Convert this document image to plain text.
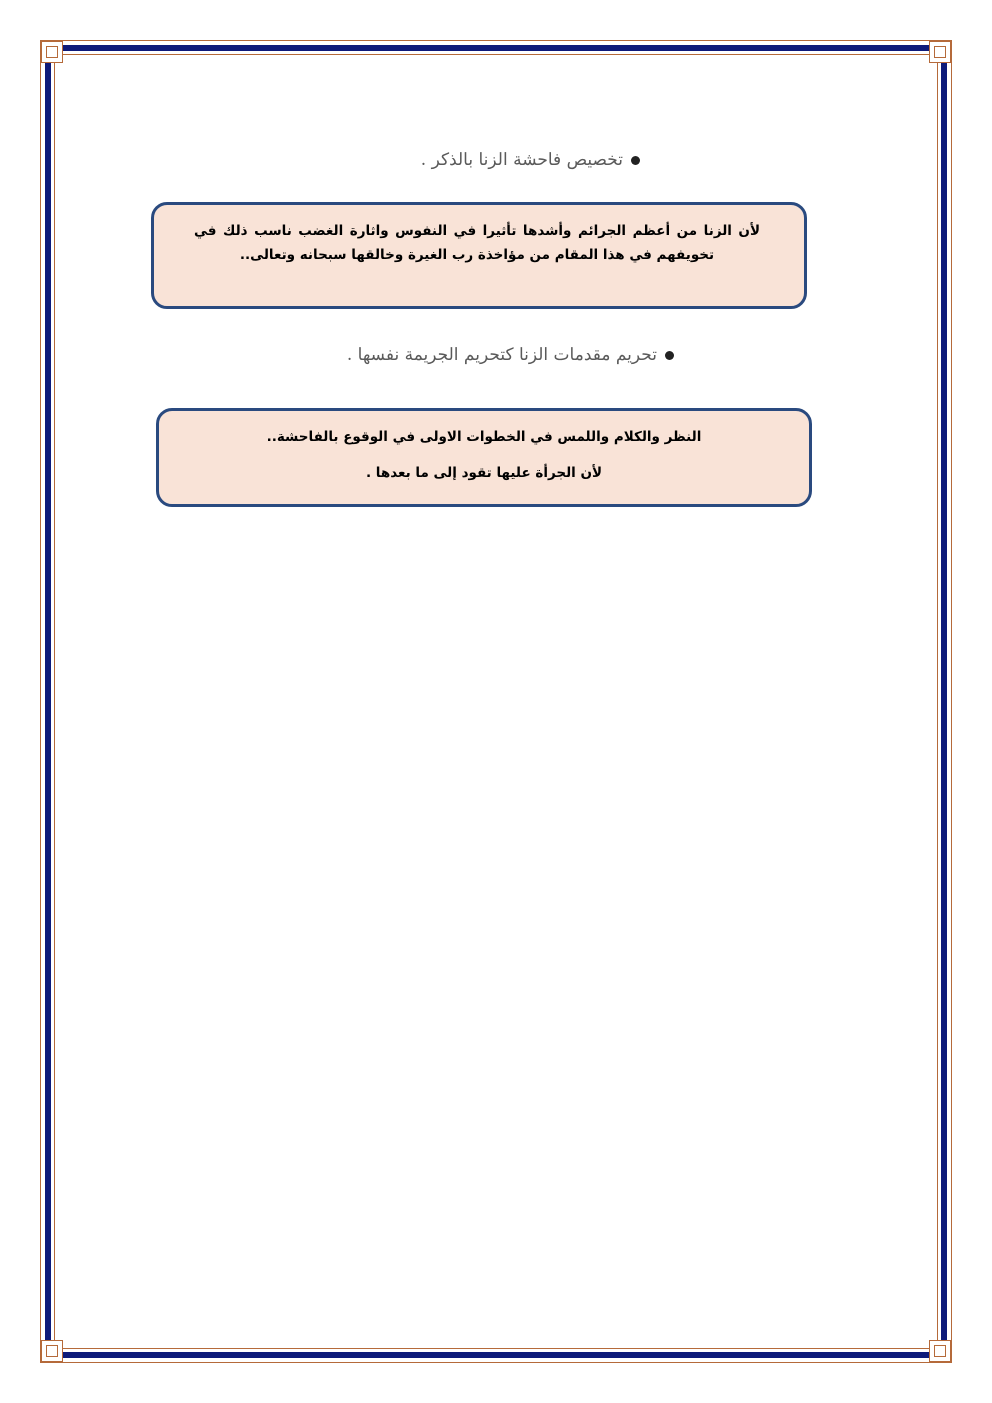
تخصيص فاحشة الزنا بالذكر .
لأن الزنا من أعظم الجرائم وأشدها تأثيرا في النفوس واثارة الغضب ناسب ذلك في تخويفهم في هذا المقام من مؤاخذة رب الغيرة وخالقها سبحانه وتعالى..
تحريم مقدمات الزنا كتحريم الجريمة نفسها .
النظر والكلام واللمس في الخطوات الاولى في الوقوع بالفاحشة..
لأن الجرأة عليها تقود إلى ما بعدها .
